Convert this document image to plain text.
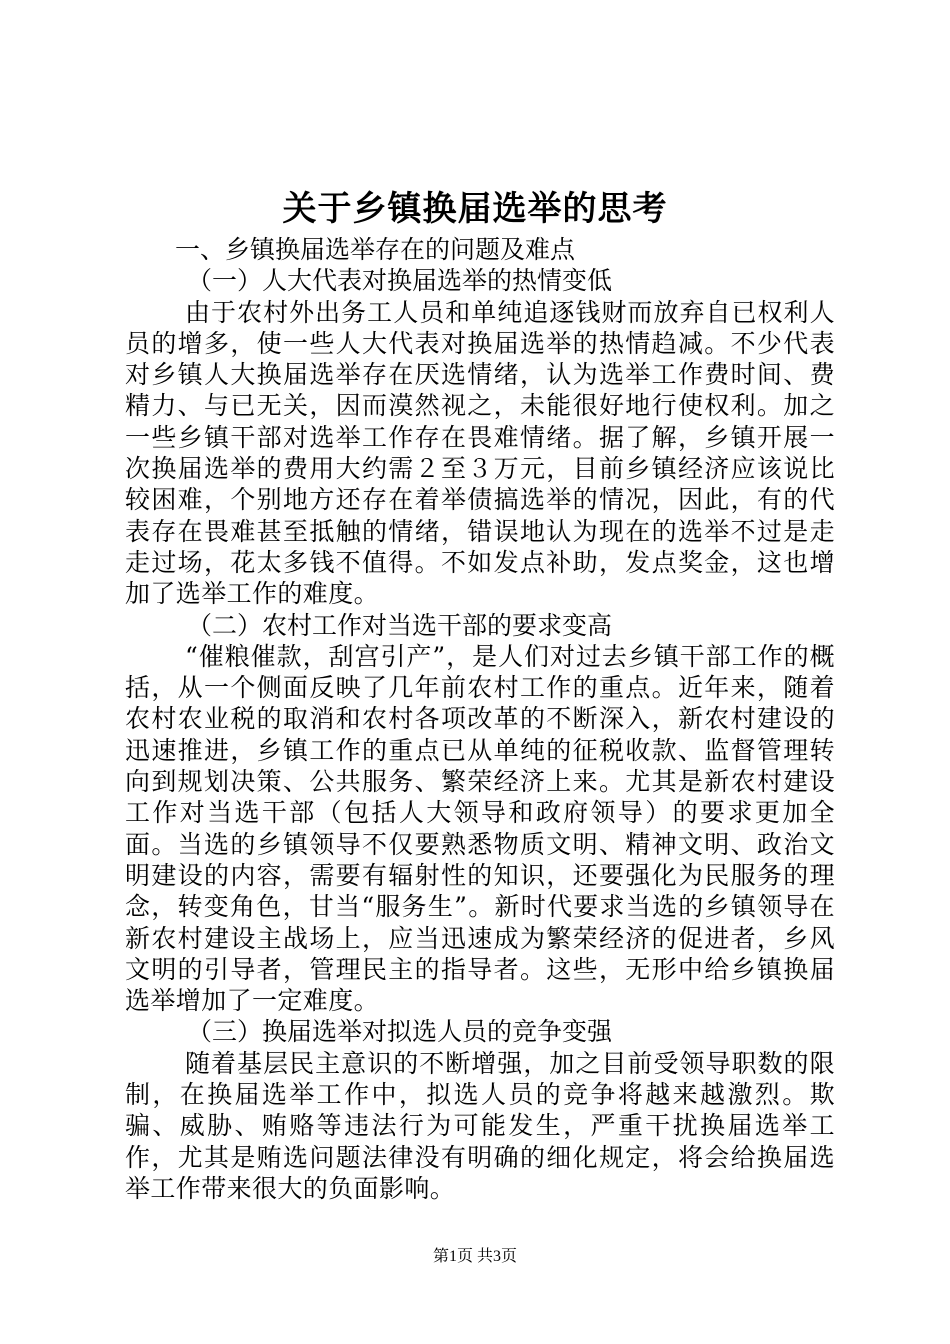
关于乡镇换届选举的思考

一、乡镇换届选举存在的问题及难点

（一）人大代表对换届选举的热情变低

由于农村外出务工人员和单纯追逐钱财而放弃自已权利人员的增多，使一些人大代表对换届选举的热情趋减。不少代表对乡镇人大换届选举存在厌选情绪，认为选举工作费时间、费精力、与已无关，因而漠然视之，未能很好地行使权利。加之一些乡镇干部对选举工作存在畏难情绪。据了解，乡镇开展一次换届选举的费用大约需２至３万元，目前乡镇经济应该说比较困难，个别地方还存在着举债搞选举的情况，因此，有的代表存在畏难甚至抵触的情绪，错误地认为现在的选举不过是走走过场，花太多钱不值得。不如发点补助，发点奖金，这也增加了选举工作的难度。

（二）农村工作对当选干部的要求变高

“催粮催款，刮宫引产”，是人们对过去乡镇干部工作的概括，从一个侧面反映了几年前农村工作的重点。近年来，随着农村农业税的取消和农村各项改革的不断深入，新农村建设的迅速推进，乡镇工作的重点已从单纯的征税收款、监督管理转向到规划决策、公共服务、繁荣经济上来。尤其是新农村建设工作对当选干部（包括人大领导和政府领导）的要求更加全面。当选的乡镇领导不仅要熟悉物质文明、精神文明、政治文明建设的内容，需要有辐射性的知识，还要强化为民服务的理念，转变角色，甘当“服务生”。新时代要求当选的乡镇领导在新农村建设主战场上，应当迅速成为繁荣经济的促进者，乡风文明的引导者，管理民主的指导者。这些，无形中给乡镇换届选举增加了一定难度。

（三）换届选举对拟选人员的竞争变强

随着基层民主意识的不断增强，加之目前受领导职数的限制，在换届选举工作中，拟选人员的竞争将越来越激烈。欺骗、威胁、贿赂等违法行为可能发生，严重干扰换届选举工作，尤其是贿选问题法律没有明确的细化规定，将会给换届选举工作带来很大的负面影响。

第1页 共3页
